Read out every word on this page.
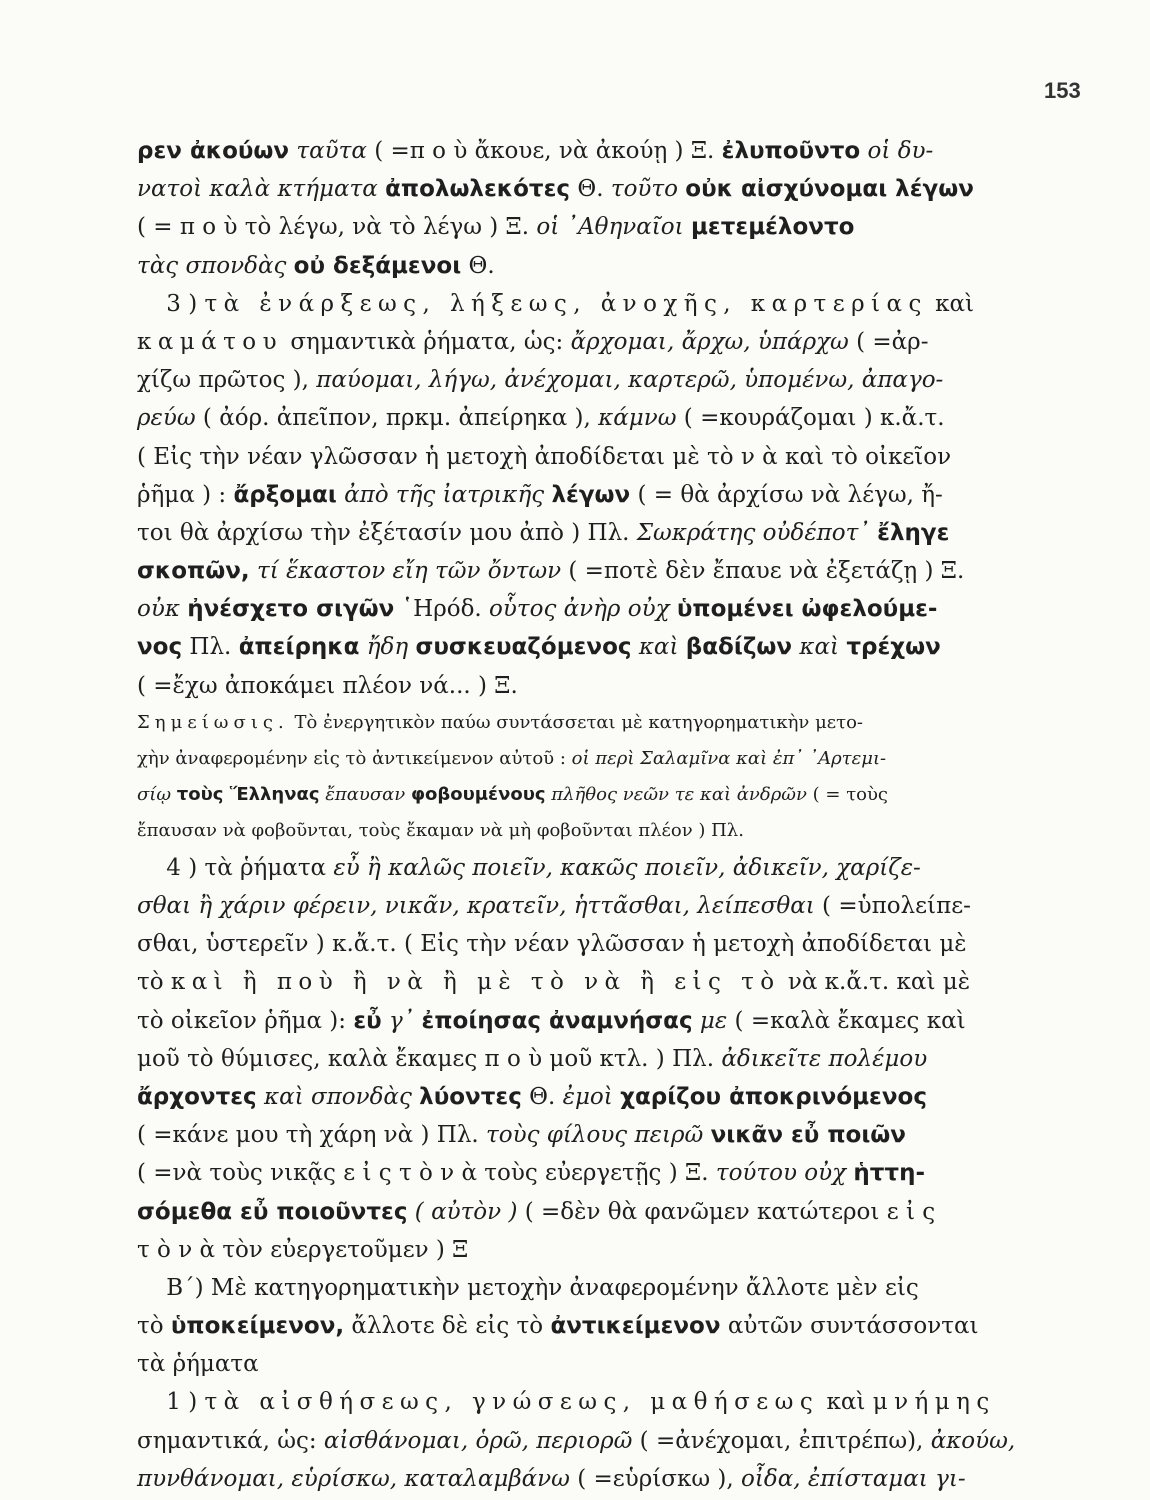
153
ρεν ἀκούων ταῦτα ( =π ο ὺ ἄκουε, νὰ ἀκούῃ ) Ξ. ἐλυποῦντο οἱ δυ-
νατοὶ καλὰ κτήματα ἀπολωλεκότες Θ. τοῦτο οὐκ αἰσχύνομαι λέγων
( = π ο ὺ τὸ λέγω, νὰ τὸ λέγω ) Ξ. οἱ ᾿Αθηναῖοι μετεμέλοντο
τὰς σπονδὰς οὐ δεξάμενοι Θ.
3 ) τὰ ἐνάρξεως, λήξεως, ἀνοχῆς, καρτερίας καὶ
καμάτου σημαντικὰ ῥήματα, ὡς: ἄρχομαι, ἄρχω, ὑπάρχω ( =ἀρ-
χίζω πρῶτος ), παύομαι, λήγω, ἀνέχομαι, καρτερῶ, ὑπομένω, ἀπαγο-
ρεύω ( ἀόρ. ἀπεῖπον, πρκμ. ἀπείρηκα ), κάμνω ( =κουράζομαι ) κ.ἄ.τ.
( Εἰς τὴν νέαν γλῶσσαν ἡ μετοχὴ ἀποδίδεται μὲ τὸ ν ὰ καὶ τὸ οἰκεῖον
ῥῆμα ) : ἄρξομαι ἀπὸ τῆς ἰατρικῆς λέγων ( = θὰ ἀρχίσω νὰ λέγω, ἤ-
τοι θὰ ἀρχίσω τὴν ἐξέτασίν μου ἀπὸ ) Πλ. Σωκράτης οὐδέποτ᾿ ἔληγε
σκοπῶν, τί ἕκαστον εἴη τῶν ὄντων ( =ποτὲ δὲν ἔπαυε νὰ ἐξετάζῃ ) Ξ.
οὐκ ἠνέσχετο σιγῶν ῾Ηρόδ. οὗτος ἀνὴρ οὐχ ὑπομένει ὠφελούμε-
νος Πλ. ἀπείρηκα ἤδη συσκευαζόμενος καὶ βαδίζων καὶ τρέχων
( =ἔχω ἀποκάμει πλέον νά... ) Ξ.
Σημείωσις. Τὸ ἐνεργητικὸν παύω συντάσσεται μὲ κατηγορηματικὴν μετο-
χὴν ἀναφερομένην εἰς τὸ ἀντικείμενον αὐτοῦ : οἱ περὶ Σαλαμῖνα καὶ ἐπ᾿ ᾿Αρτεμι-
σίῳ τοὺς Ἕλληνας ἔπαυσαν φοβουμένους πλῆθος νεῶν τε καὶ ἀνδρῶν ( = τοὺς
ἔπαυσαν νὰ φοβοῦνται, τοὺς ἔκαμαν νὰ μὴ φοβοῦνται πλέον ) Πλ.
4 ) τὰ ῥήματα εὖ ἢ καλῶς ποιεῖν, κακῶς ποιεῖν, ἀδικεῖν, χαρίζε-
σθαι ἢ χάριν φέρειν, νικᾶν, κρατεῖν, ἡττᾶσθαι, λείπεσθαι ( =ὑπολείπε-
σθαι, ὑστερεῖν ) κ.ἄ.τ. ( Εἰς τὴν νέαν γλῶσσαν ἡ μετοχὴ ἀποδίδεται μὲ
τὸ καὶ ἢ ποὺ ἢ νὰ ἢ μὲ τὸ νὰ ἢ εἰς τὸ νὰ κ.ἄ.τ. καὶ μὲ
τὸ οἰκεῖον ῥῆμα ): εὖ γ᾿ ἐποίησας ἀναμνήσας με ( =καλὰ ἔκαμες καὶ
μοῦ τὸ θύμισες, καλὰ ἔκαμες π ο ὺ μοῦ κτλ. ) Πλ. ἀδικεῖτε πολέμου
ἄρχοντες καὶ σπονδὰς λύοντες Θ. ἐμοὶ χαρίζου ἀποκρινόμενος
( =κάνε μου τὴ χάρη νὰ ) Πλ. τοὺς φίλους πειρῶ νικᾶν εὖ ποιῶν
( =νὰ τοὺς νικᾷς ε ἰ ς τ ὸ ν ὰ τοὺς εὐεργετῇς ) Ξ. τούτου οὐχ ἡττη-
σόμεθα εὖ ποιοῦντες ( αὐτὸν ) ( =δὲν θὰ φανῶμεν κατώτεροι ε ἰ ς
τ ὸ ν ὰ τὸν εὐεργετοῦμεν ) Ξ
Β΄) Μὲ κατηγορηματικὴν μετοχὴν ἀναφερομένην ἄλλοτε μὲν εἰς
τὸ ὑποκείμενον, ἄλλοτε δὲ εἰς τὸ ἀντικείμενον αὐτῶν συντάσσονται
τὰ ῥήματα
1 ) τὰ αἰσθήσεως, γνώσεως, μαθήσεως καὶ μνήμης
σημαντικά, ὡς: αἰσθάνομαι, ὁρῶ, περιορῶ ( =ἀνέχομαι, ἐπιτρέπω), ἀκούω,
πυνθάνομαι, εὑρίσκω, καταλαμβάνω ( =εὑρίσκω ), οἶδα, ἐπίσταμαι γι-
